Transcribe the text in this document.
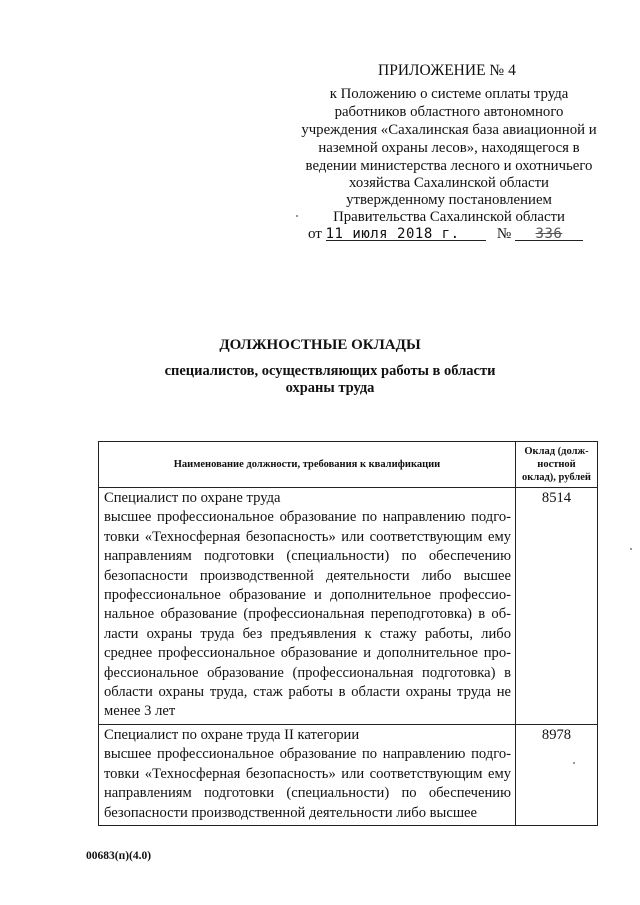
ПРИЛОЖЕНИЕ № 4
к Положению о системе оплаты труда
работников областного автономного
учреждения «Сахалинская база авиационной и
наземной охраны лесов», находящегося в
ведении министерства лесного и охотничьего
хозяйства Сахалинской области
утвержденному постановлением
Правительства Сахалинской области
от 11 июля 2018 г. № 336
ДОЛЖНОСТНЫЕ ОКЛАДЫ
специалистов, осуществляющих работы в области охраны труда
Наименование должности, требования к квалификации	Оклад (долж-ностной оклад), рублей

Специалист по охране труда
высшее профессиональное образование по направлению подго-товки «Техносферная безопасность» или соответствующим ему направлениям подготовки (специальности) по обеспечению безопасности производственной деятельности либо высшее профессиональное образование и дополнительное профессио-нальное образование (профессиональная переподготовка) в об-ласти охраны труда без предъявления к стажу работы, либо среднее профессиональное образование и дополнительное про-фессиональное образование (профессиональная подготовка) в области охраны труда, стаж работы в области охраны труда не менее 3 лет	8514

Специалист по охране труда II категории
высшее профессиональное образование по направлению подго-товки «Техносферная безопасность» или соответствующим ему направлениям подготовки (специальности) по обеспечению безопасности производственной деятельности либо высшее	8978
00683(п)(4.0)
